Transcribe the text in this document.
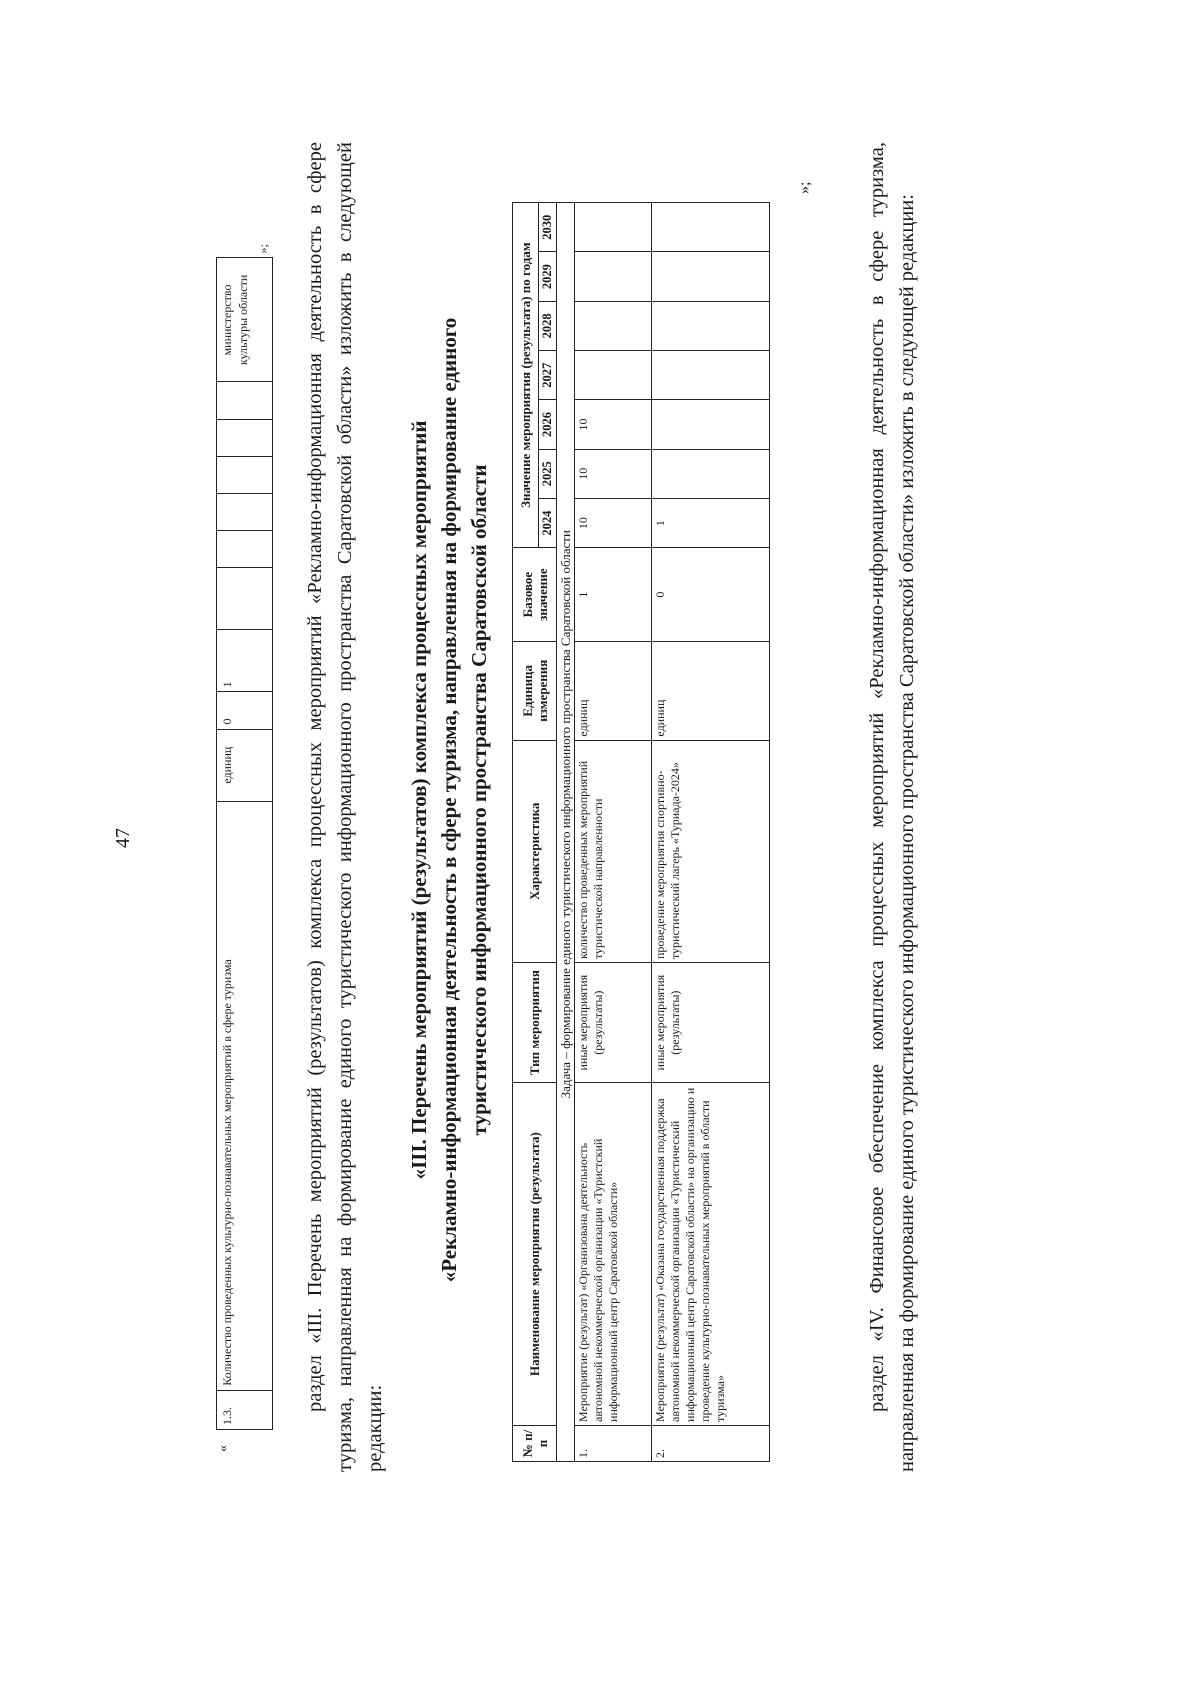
47
1.3.	Количество проведенных культурно-познавательных мероприятий в сфере туризма	единиц	0	1							министерство культуры области	»;
«
раздел «III. Перечень мероприятий (результатов) комплекса процессных мероприятий «Рекламно-информационная деятельность в сфере туризма, направленная на формирование единого туристического информационного пространства Саратовской области» изложить в следующей редакции:
«III. Перечень мероприятий (результатов) комплекса процессных мероприятий «Рекламно-информационная деятельность в сфере туризма, направленная на формирование единого туристического информационного пространства Саратовской области
№ п/п	Наименование мероприятия (результата)	Тип мероприятия	Характеристика	Единица измерения	Базовое значение	Значение мероприятия (результата) по годам						
						2024	2025	2026	2027	2028	2029	2030
	Задача – формирование единого туристического информационного пространства Саратовской области											
1.	Мероприятие (результат) «Организована деятельность автономной некоммерческой организации «Туристский информационный центр Саратовской области»	иные мероприятия (результаты)	количество проведенных мероприятий туристической направленности	единиц	1	10	10	10				
2.	Мероприятие (результат) «Оказана государственная поддержка автономной некоммерческой организации «Туристический информационный центр Саратовской области» на организацию и проведение культурно-познавательных мероприятий в области туризма»	иные мероприятия (результаты)	проведение мероприятия спортивно-туристический лагерь «Туриада-2024»	единиц	0	1						
»;	раздел «IV. Финансовое обеспечение комплекса процессных мероприятий «Рекламно-информационная деятельность в сфере туризма, направленная на формирование единого туристического информационного пространства Саратовской области» изложить в следующей редакции:
